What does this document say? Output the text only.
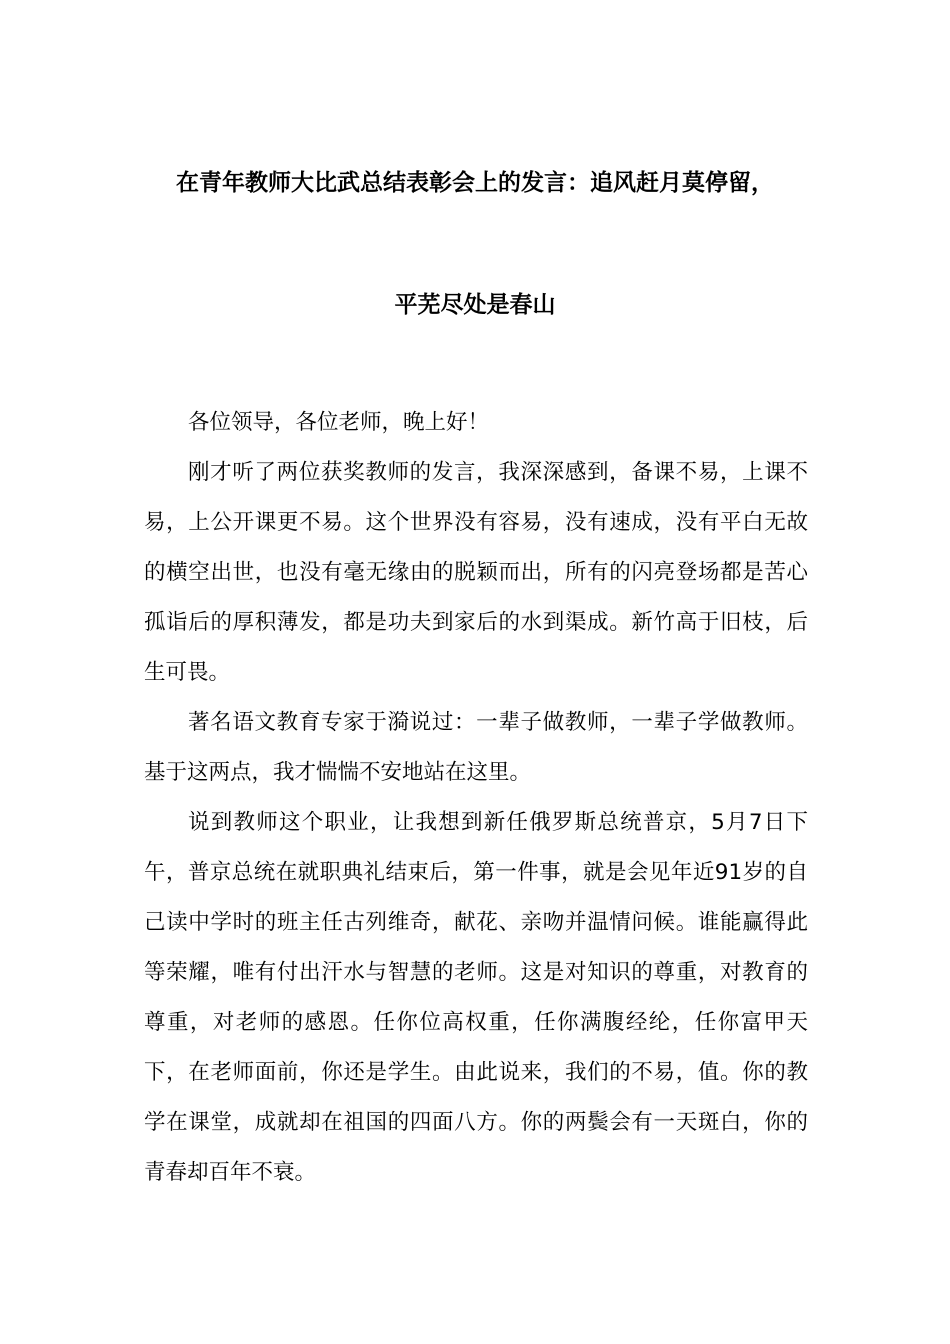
在青年教师大比武总结表彰会上的发言：追风赶月莫停留，
平芜尽处是春山

各位领导，各位老师，晚上好！

刚才听了两位获奖教师的发言，我深深感到，备课不易，上课不易，上公开课更不易。这个世界没有容易，没有速成，没有平白无故的横空出世，也没有毫无缘由的脱颖而出，所有的闪亮登场都是苦心孤诣后的厚积薄发，都是功夫到家后的水到渠成。新竹高于旧枝，后生可畏。

著名语文教育专家于漪说过：一辈子做教师，一辈子学做教师。基于这两点，我才惴惴不安地站在这里。

说到教师这个职业，让我想到新任俄罗斯总统普京，5月7日下午，普京总统在就职典礼结束后，第一件事，就是会见年近91岁的自己读中学时的班主任古列维奇，献花、亲吻并温情问候。谁能赢得此等荣耀，唯有付出汗水与智慧的老师。这是对知识的尊重，对教育的尊重，对老师的感恩。任你位高权重，任你满腹经纶，任你富甲天下，在老师面前，你还是学生。由此说来，我们的不易，值。你的教学在课堂，成就却在祖国的四面八方。你的两鬓会有一天斑白，你的青春却百年不衰。
